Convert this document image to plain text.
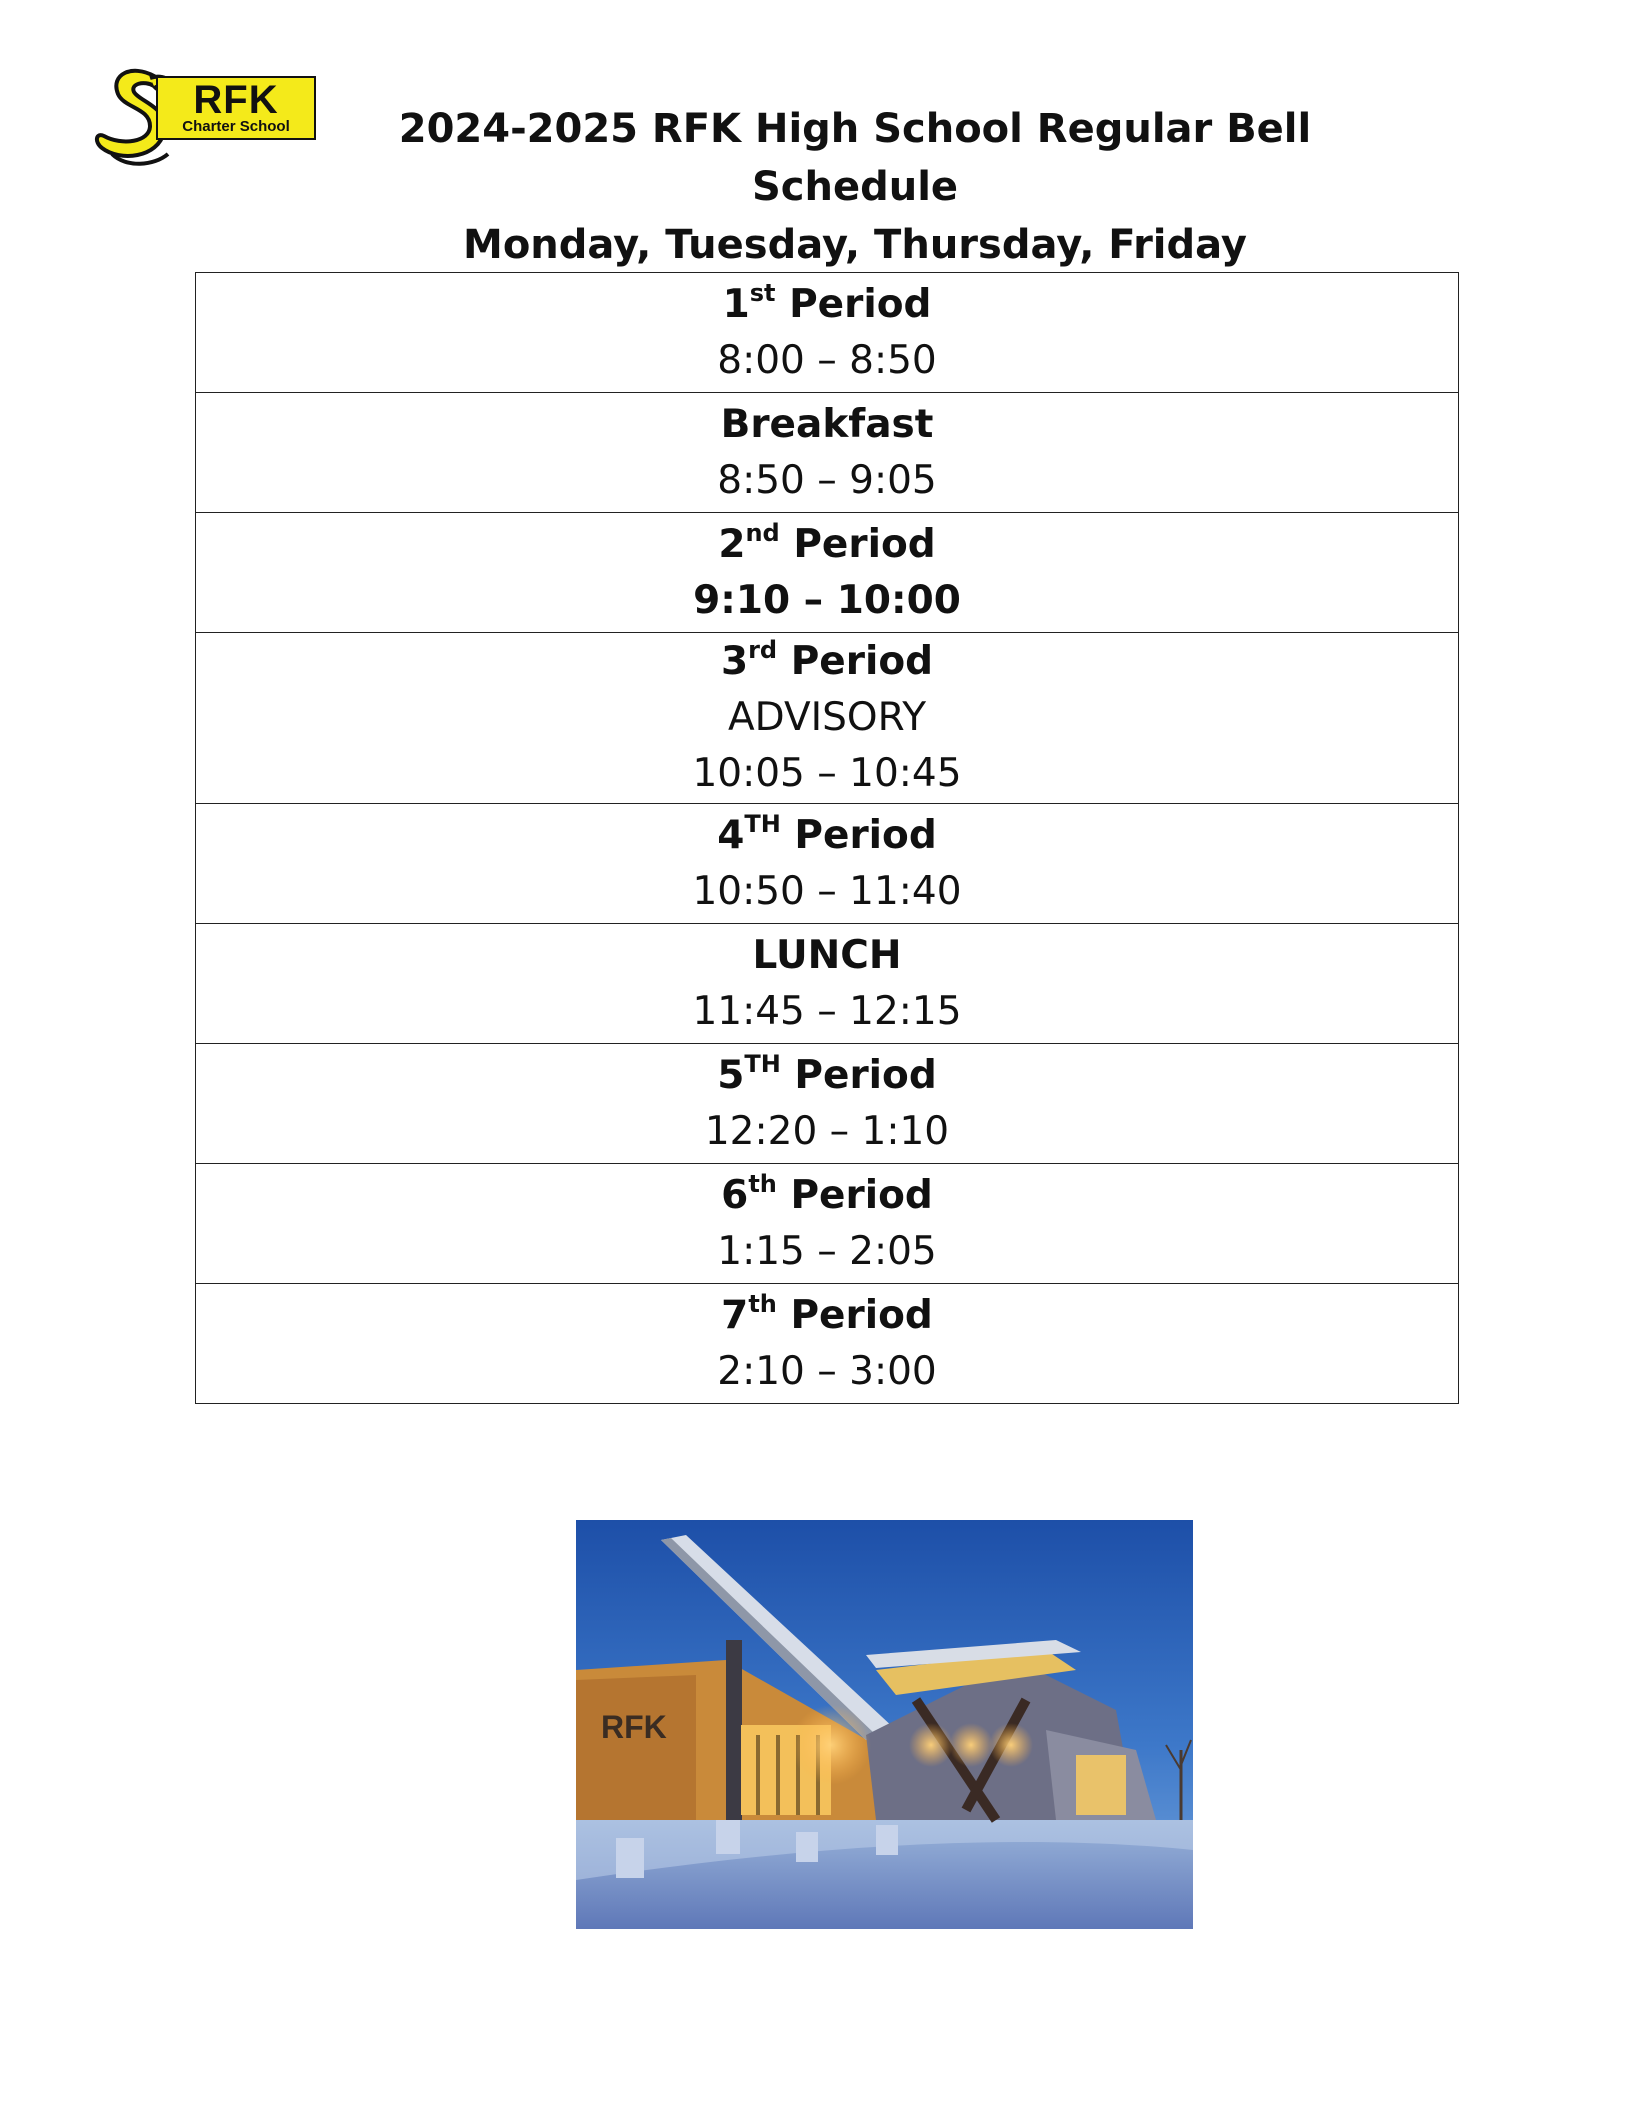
RFK
Charter School	2024-2025 RFK High School Regular Bell Schedule
Monday, Tuesday, Thursday, Friday
1st Period
8:00 – 8:50

Breakfast
8:50 – 9:05

2nd Period
9:10 – 10:00

3rd Period
ADVISORY
10:05 – 10:45

4TH Period
10:50 – 11:40

LUNCH
11:45 – 12:15

5TH Period
12:20 – 1:10

6th Period
1:15 – 2:05

7th Period
2:10 – 3:00
RFK
